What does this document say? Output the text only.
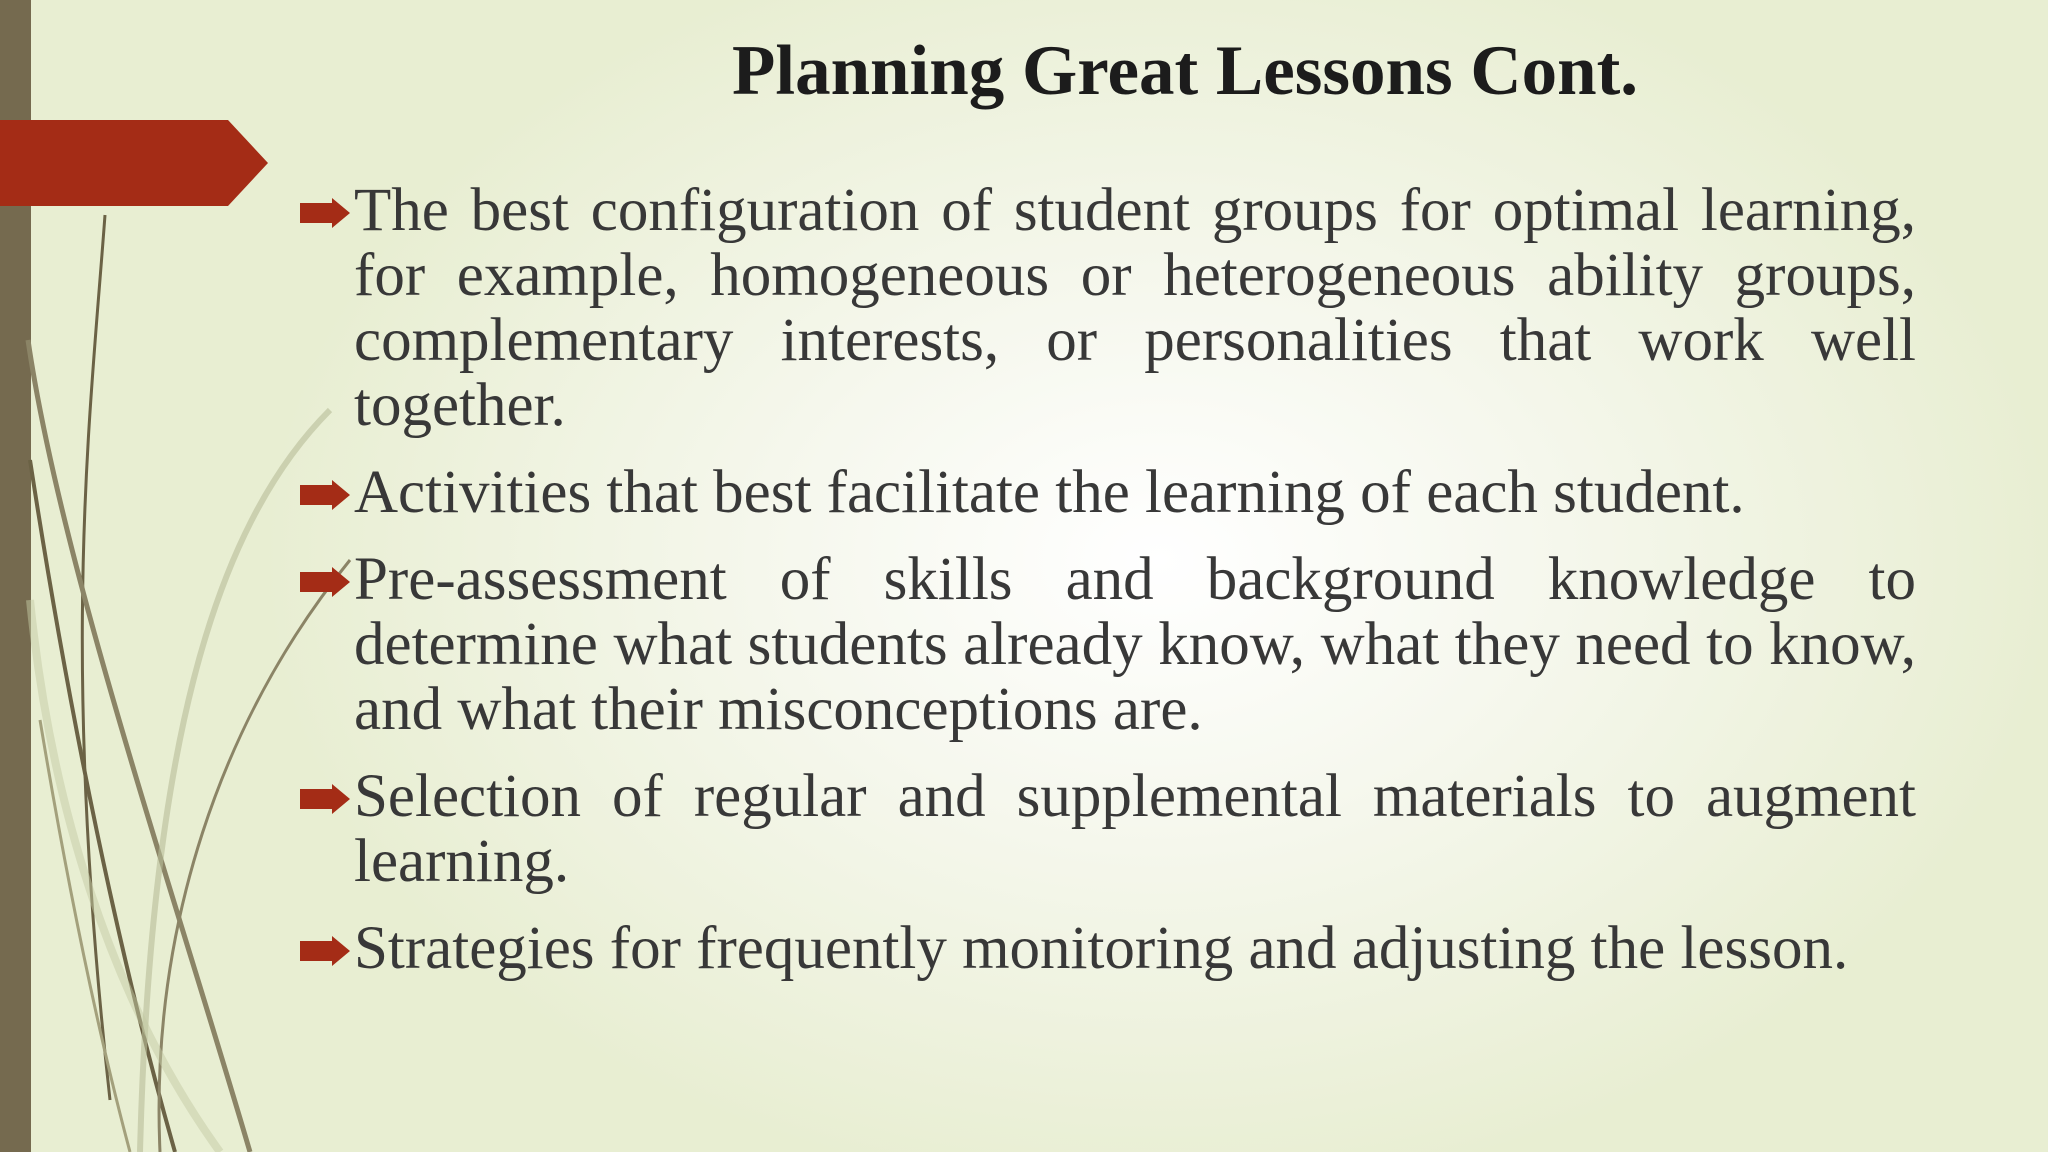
Planning Great Lessons Cont.
The best configuration of student groups for optimal learning, for example, homogeneous or heterogeneous ability groups, complementary interests, or personalities that work well together.
Activities that best facilitate the learning of each student.
Pre-assessment of skills and background knowledge to determine what students already know, what they need to know, and what their misconceptions are.
Selection of regular and supplemental materials to augment learning.
Strategies for frequently monitoring and adjusting the lesson.
